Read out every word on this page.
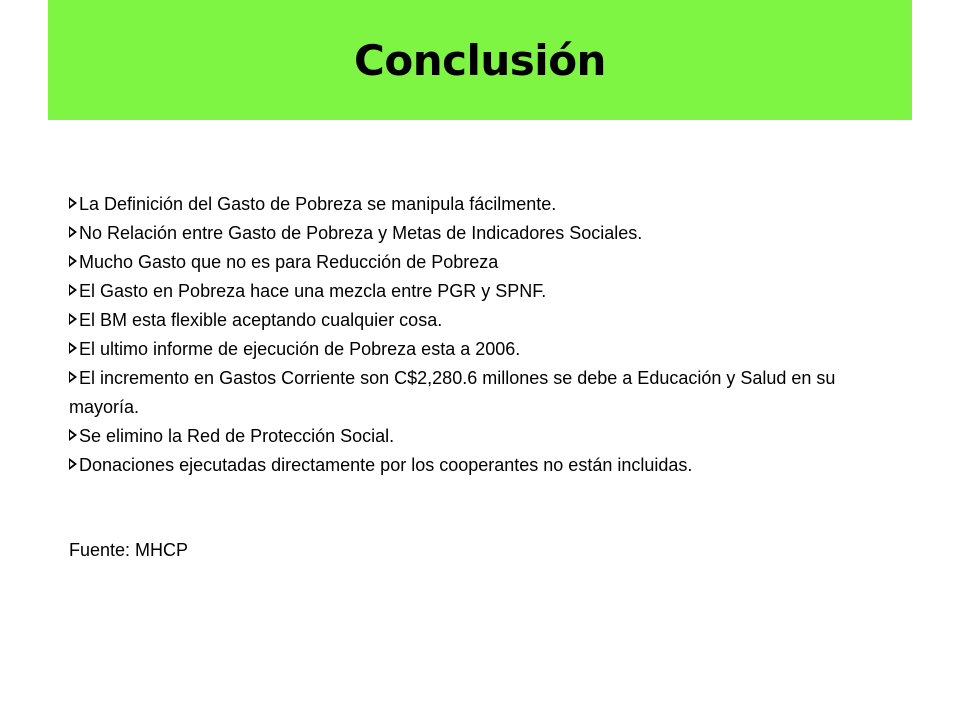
Conclusión
La Definición del Gasto de Pobreza se manipula fácilmente.
No Relación entre Gasto de Pobreza y Metas de Indicadores Sociales.
Mucho Gasto que no es para Reducción de Pobreza
El Gasto en Pobreza hace una mezcla entre PGR y SPNF.
El BM esta flexible aceptando cualquier cosa.
El ultimo informe de ejecución de Pobreza esta a 2006.
El incremento en Gastos Corriente son C$2,280.6 millones se debe a Educación y Salud en su mayoría.
Se elimino la Red de Protección Social.
Donaciones ejecutadas directamente por los cooperantes no están incluidas.
Fuente: MHCP
